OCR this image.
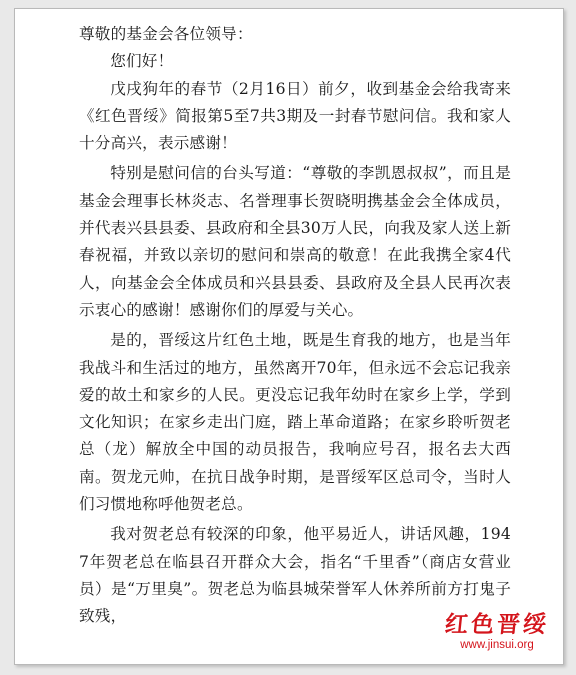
尊敬的基金会各位领导：

您们好！

戊戌狗年的春节（2月16日）前夕，收到基金会给我寄来《红色晋绥》简报第5至7共3期及一封春节慰问信。我和家人十分高兴，表示感谢！

特别是慰问信的台头写道：“尊敬的李凯恩叔叔”，而且是基金会理事长林炎志、名誉理事长贺晓明携基金会全体成员，并代表兴县县委、县政府和全县30万人民，向我及家人送上新春祝福，并致以亲切的慰问和崇高的敬意！在此我携全家4代人，向基金会全体成员和兴县县委、县政府及全县人民再次表示衷心的感谢！感谢你们的厚爱与关心。

是的，晋绥这片红色土地，既是生育我的地方，也是当年我战斗和生活过的地方，虽然离开70年，但永远不会忘记我亲爱的故土和家乡的人民。更没忘记我年幼时在家乡上学，学到文化知识；在家乡走出门庭，踏上革命道路；在家乡聆听贺老总（龙）解放全中国的动员报告，我响应号召，报名去大西南。贺龙元帅，在抗日战争时期，是晋绥军区总司令，当时人们习惯地称呼他贺老总。

我对贺老总有较深的印象，他平易近人，讲话风趣，1947年贺老总在临县召开群众大会，指名“千里香”（商店女营业员）是“万里臭”。贺老总为临县城荣誉军人休养所前方打鬼子致残，	红色晋绥
www.jinsui.org
